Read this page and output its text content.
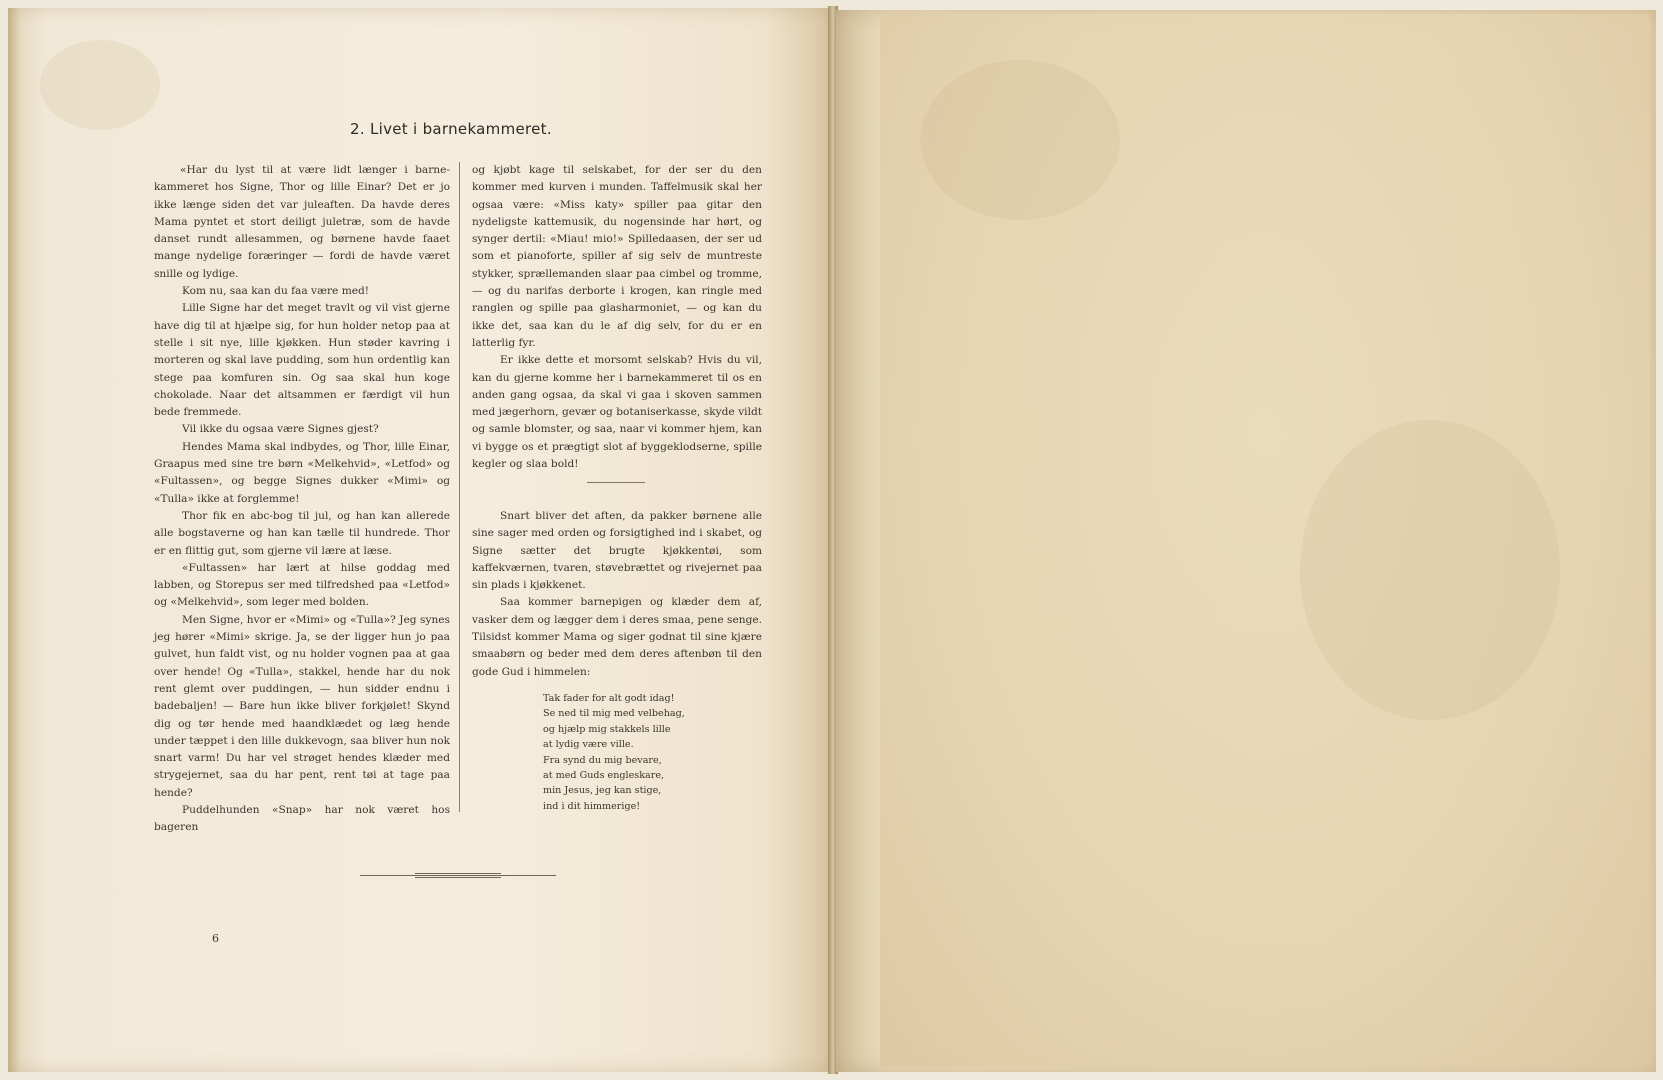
2. Livet i barnekammeret.

«Har du lyst til at være lidt længer i barnekammeret hos Signe, Thor og lille Einar? Det er jo ikke længe siden det var juleaften. Da havde deres Mama pyntet et stort deiligt juletræ, som de havde danset rundt allesammen, og børnene havde faaet mange nydelige foræringer — fordi de havde været snille og lydige.

Kom nu, saa kan du faa være med!

Lille Signe har det meget travlt og vil vist gjerne have dig til at hjælpe sig, for hun holder netop paa at stelle i sit nye, lille kjøkken. Hun støder kavring i morteren og skal lave pudding, som hun ordentlig kan stege paa komfuren sin. Og saa skal hun koge chokolade. Naar det altsammen er færdigt vil hun bede fremmede.

Vil ikke du ogsaa være Signes gjest?

Hendes Mama skal indbydes, og Thor, lille Einar, Graapus med sine tre børn «Melkehvid», «Letfod» og «Fultassen», og begge Signes dukker «Mimi» og «Tulla» ikke at forglemme!

Thor fik en abc-bog til jul, og han kan allerede alle bogstaverne og han kan tælle til hundrede. Thor er en flittig gut, som gjerne vil lære at læse.

«Fultassen» har lært at hilse goddag med labben, og Storepus ser med tilfredshed paa «Letfod» og «Melkehvid», som leger med bolden.

Men Signe, hvor er «Mimi» og «Tulla»? Jeg synes jeg hører «Mimi» skrige. Ja, se der ligger hun jo paa gulvet, hun faldt vist, og nu holder vognen paa at gaa over hende! Og «Tulla», stakkel, hende har du nok rent glemt over puddingen, — hun sidder endnu i badebaljen! — Bare hun ikke bliver forkjølet! Skynd dig og tør hende med haandklædet og læg hende under tæppet i den lille dukkevogn, saa bliver hun nok snart varm! Du har vel strøget hendes klæder med strygejernet, saa du har pent, rent tøi at tage paa hende?

Puddelhunden «Snap» har nok været hos bageren

og kjøbt kage til selskabet, for der ser du den kommer med kurven i munden. Taffelmusik skal her ogsaa være: «Miss katy» spiller paa gitar den nydeligste kattemusik, du nogensinde har hørt, og synger dertil: «Miau! mio!» Spilledaasen, der ser ud som et pianoforte, spiller af sig selv de muntreste stykker, sprællemanden slaar paa cimbel og tromme, — og du narifas derborte i krogen, kan ringle med ranglen og spille paa glasharmoniet, — og kan du ikke det, saa kan du le af dig selv, for du er en latterlig fyr.

Er ikke dette et morsomt selskab? Hvis du vil, kan du gjerne komme her i barnekammeret til os en anden gang ogsaa, da skal vi gaa i skoven sammen med jægerhorn, gevær og botaniserkasse, skyde vildt og samle blomster, og saa, naar vi kommer hjem, kan vi bygge os et prægtigt slot af byggeklodserne, spille kegler og slaa bold!

Snart bliver det aften, da pakker børnene alle sine sager med orden og forsigtighed ind i skabet, og Signe sætter det brugte kjøkkentøi, som kaffekværnen, tvaren, støvebrættet og rivejernet paa sin plads i kjøkkenet.

Saa kommer barnepigen og klæder dem af, vasker dem og lægger dem i deres smaa, pene senge. Tilsidst kommer Mama og siger godnat til sine kjære smaabørn og beder med dem deres aftenbøn til den gode Gud i himmelen:

Tak fader for alt godt idag!
Se ned til mig med velbehag,
og hjælp mig stakkels lille
at lydig være ville.
Fra synd du mig bevare,
at med Guds engleskare,
min Jesus, jeg kan stige,
ind i dit himmerige!
6
